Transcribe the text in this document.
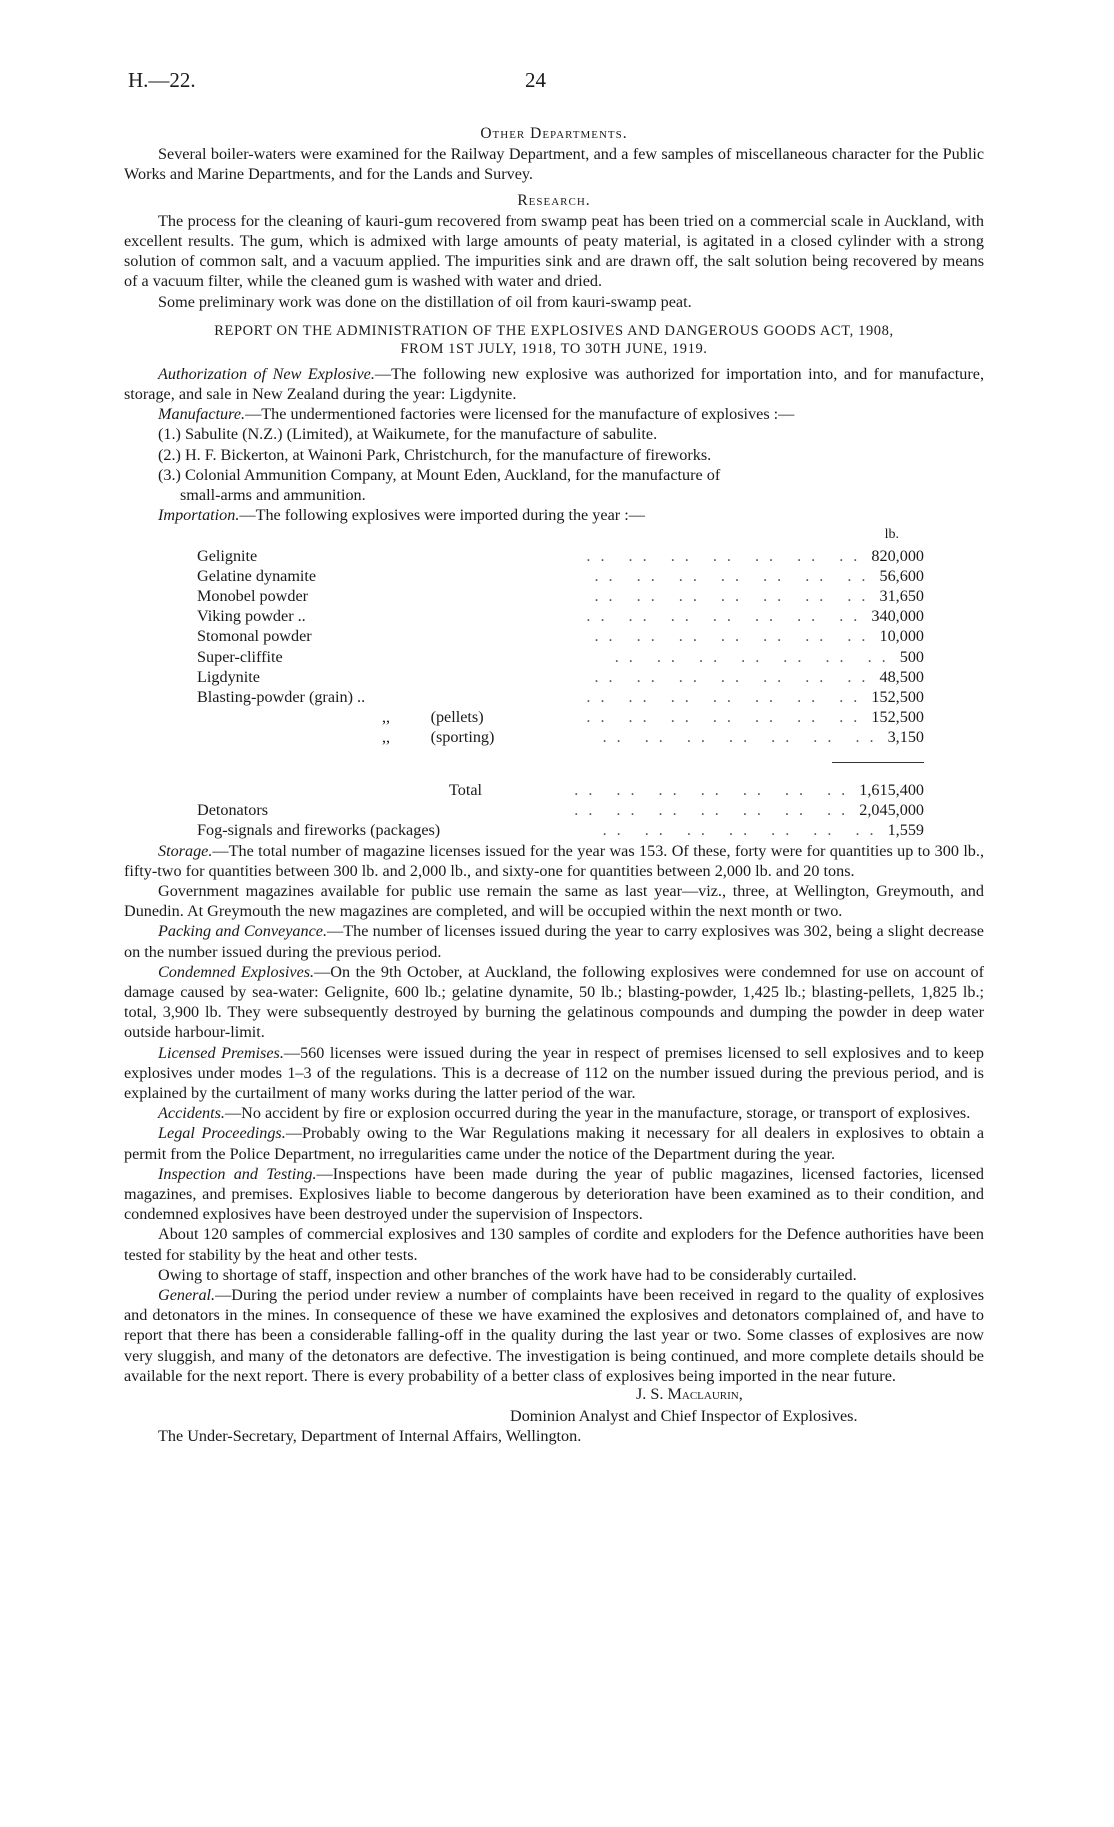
H.—22.	24
Other Departments.

Several boiler-waters were examined for the Railway Department, and a few samples of miscellaneous character for the Public Works and Marine Departments, and for the Lands and Survey.

Research.

The process for the cleaning of kauri-gum recovered from swamp peat has been tried on a commercial scale in Auckland, with excellent results. The gum, which is admixed with large amounts of peaty material, is agitated in a closed cylinder with a strong solution of common salt, and a vacuum applied. The impurities sink and are drawn off, the salt solution being recovered by means of a vacuum filter, while the cleaned gum is washed with water and dried.

Some preliminary work was done on the distillation of oil from kauri-swamp peat.

REPORT ON THE ADMINISTRATION OF THE EXPLOSIVES AND DANGEROUS GOODS ACT, 1908,
FROM 1ST JULY, 1918, TO 30TH JUNE, 1919.

Authorization of New Explosive.—The following new explosive was authorized for importation into, and for manufacture, storage, and sale in New Zealand during the year: Ligdynite.

Manufacture.—The undermentioned factories were licensed for the manufacture of explosives :—

(1.) Sabulite (N.Z.) (Limited), at Waikumete, for the manufacture of sabulite.
(2.) H. F. Bickerton, at Wainoni Park, Christchurch, for the manufacture of fireworks.
(3.) Colonial Ammunition Company, at Mount Eden, Auckland, for the manufacture of
small-arms and ammunition.

Importation.—The following explosives were imported during the year :—

	lb.
Gelignite	.. .. .. .. .. .. .. 820,000
Gelatine dynamite	.. .. .. .. .. .. .. 56,600
Monobel powder	.. .. .. .. .. .. .. 31,650
Viking powder ..	.. .. .. .. .. .. .. 340,000
Stomonal powder	.. .. .. .. .. .. .. 10,000
Super-cliffite	.. .. .. .. .. .. .. 500
Ligdynite	.. .. .. .. .. .. .. 48,500
Blasting-powder (grain) ..	.. .. .. .. .. .. .. 152,500
,,          (pellets)	.. .. .. .. .. .. .. 152,500
,,          (sporting)	.. .. .. .. .. .. .. 3,150

Total	.. .. .. .. .. .. .. 1,615,400
Detonators	.. .. .. .. .. .. .. 2,045,000
Fog-signals and fireworks (packages)	.. .. .. .. .. .. .. 1,559

Storage.—The total number of magazine licenses issued for the year was 153. Of these, forty were for quantities up to 300 lb., fifty-two for quantities between 300 lb. and 2,000 lb., and sixty-one for quantities between 2,000 lb. and 20 tons.

Government magazines available for public use remain the same as last year—viz., three, at Wellington, Greymouth, and Dunedin. At Greymouth the new magazines are completed, and will be occupied within the next month or two.

Packing and Conveyance.—The number of licenses issued during the year to carry explosives was 302, being a slight decrease on the number issued during the previous period.

Condemned Explosives.—On the 9th October, at Auckland, the following explosives were condemned for use on account of damage caused by sea-water: Gelignite, 600 lb.; gelatine dynamite, 50 lb.; blasting-powder, 1,425 lb.; blasting-pellets, 1,825 lb.; total, 3,900 lb. They were subsequently destroyed by burning the gelatinous compounds and dumping the powder in deep water outside harbour-limit.

Licensed Premises.—560 licenses were issued during the year in respect of premises licensed to sell explosives and to keep explosives under modes 1–3 of the regulations. This is a decrease of 112 on the number issued during the previous period, and is explained by the curtailment of many works during the latter period of the war.

Accidents.—No accident by fire or explosion occurred during the year in the manufacture, storage, or transport of explosives.

Legal Proceedings.—Probably owing to the War Regulations making it necessary for all dealers in explosives to obtain a permit from the Police Department, no irregularities came under the notice of the Department during the year.

Inspection and Testing.—Inspections have been made during the year of public magazines, licensed factories, licensed magazines, and premises. Explosives liable to become dangerous by deterioration have been examined as to their condition, and condemned explosives have been destroyed under the supervision of Inspectors.

About 120 samples of commercial explosives and 130 samples of cordite and exploders for the Defence authorities have been tested for stability by the heat and other tests.

Owing to shortage of staff, inspection and other branches of the work have had to be considerably curtailed.

General.—During the period under review a number of complaints have been received in regard to the quality of explosives and detonators in the mines. In consequence of these we have examined the explosives and detonators complained of, and have to report that there has been a considerable falling-off in the quality during the last year or two. Some classes of explosives are now very sluggish, and many of the detonators are defective. The investigation is being continued, and more complete details should be available for the next report. There is every probability of a better class of explosives being imported in the near future.

J. S. Maclaurin,
Dominion Analyst and Chief Inspector of Explosives.
The Under-Secretary, Department of Internal Affairs, Wellington.
